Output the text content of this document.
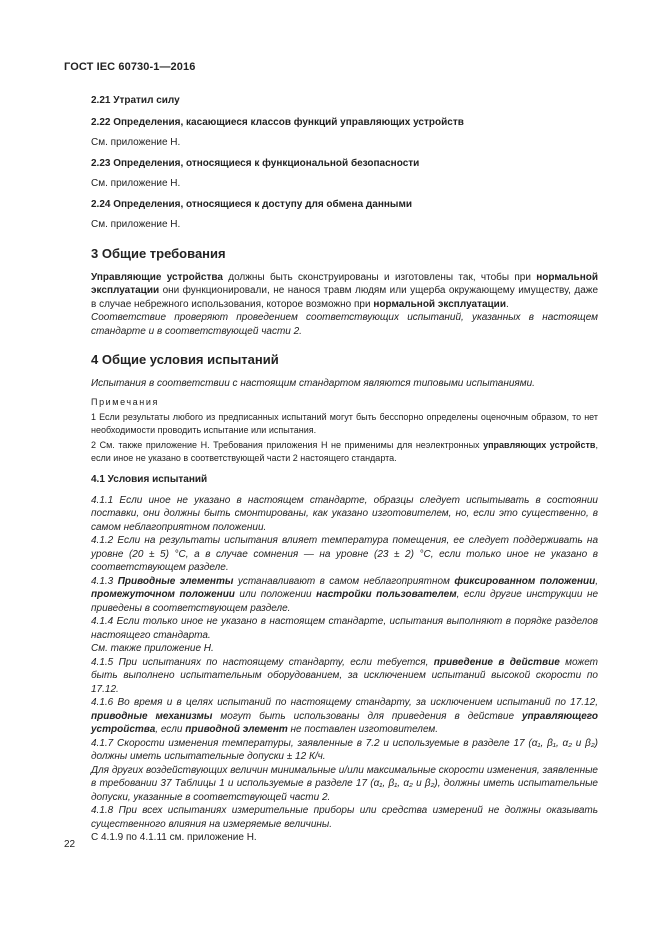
ГОСТ IEC 60730-1—2016

2.21 Утратил силу

2.22 Определения, касающиеся классов функций управляющих устройств

См. приложение Н.

2.23 Определения, относящиеся к функциональной безопасности

См. приложение Н.

2.24 Определения, относящиеся к доступу для обмена данными

См. приложение Н.

3 Общие требования

Управляющие устройства должны быть сконструированы и изготовлены так, чтобы при нормальной эксплуатации они функционировали, не нанося травм людям или ущерба окружающему имуществу, даже в случае небрежного использования, которое возможно при нормальной эксплуатации.

Соответствие проверяют проведением соответствующих испытаний, указанных в настоящем стандарте и в соответствующей части 2.

4 Общие условия испытаний

Испытания в соответствии с настоящим стандартом являются типовыми испытаниями.

Примечания

1 Если результаты любого из предписанных испытаний могут быть бесспорно определены оценочным образом, то нет необходимости проводить испытание или испытания.

2 См. также приложение Н. Требования приложения Н не применимы для неэлектронных управляющих устройств, если иное не указано в соответствующей части 2 настоящего стандарта.

4.1 Условия испытаний

4.1.1 Если иное не указано в настоящем стандарте, образцы следует испытывать в состоянии поставки, они должны быть смонтированы, как указано изготовителем, но, если это существенно, в самом неблагоприятном положении.

4.1.2 Если на результаты испытания влияет температура помещения, ее следует поддерживать на уровне (20 ± 5) °С, а в случае сомнения — на уровне (23 ± 2) °С, если только иное не указано в соответствующем разделе.

4.1.3 Приводные элементы устанавливают в самом неблагоприятном фиксированном положении, промежуточном положении или положении настройки пользователем, если другие инструкции не приведены в соответствующем разделе.

4.1.4 Если только иное не указано в настоящем стандарте, испытания выполняют в порядке разделов настоящего стандарта.

См. также приложение Н.

4.1.5 При испытаниях по настоящему стандарту, если тебуется, приведение в действие может быть выполнено испытательным оборудованием, за исключением испытаний высокой скорости по 17.12.

4.1.6 Во время и в целях испытаний по настоящему стандарту, за исключением испытаний по 17.12, приводные механизмы могут быть использованы для приведения в действие управляющего устройства, если приводной элемент не поставлен изготовителем.

4.1.7 Скорости изменения температуры, заявленные в 7.2 и используемые в разделе 17 (α₁, β₁, α₂ и β₂) должны иметь испытательные допуски ± 12 К/ч.

Для других воздействующих величин минимальные и/или максимальные скорости изменения, заявленные в требовании 37 Таблицы 1 и используемые в разделе 17 (α₁, β₁, α₂ и β₂), должны иметь испытательные допуски, указанные в соответствующей части 2.

4.1.8 При всех испытаниях измерительные приборы или средства измерений не должны оказывать существенного влияния на измеряемые величины.

С 4.1.9 по 4.1.11 см. приложение Н.

22
